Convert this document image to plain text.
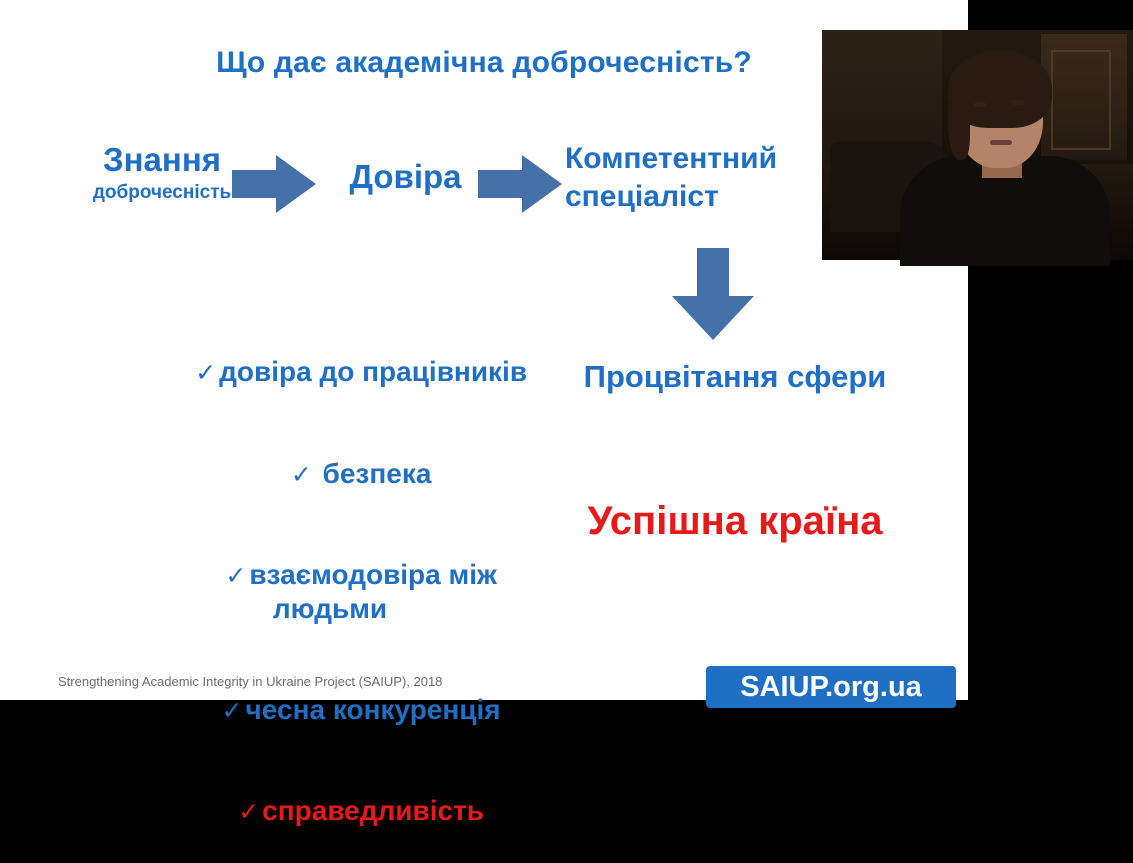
Що дає академічна доброчесність?
Знання
доброчесність	Довіра	Компетентний спеціаліст
Процвітання сфери
Успішна країна

✓ довіра до працівників

✓ безпека

✓ взаємодовіра між людьми

✓ чесна конкуренція

✓ справедливість

Strengthening Academic Integrity in Ukraine Project (SAIUP), 2018	SAIUP.org.ua
